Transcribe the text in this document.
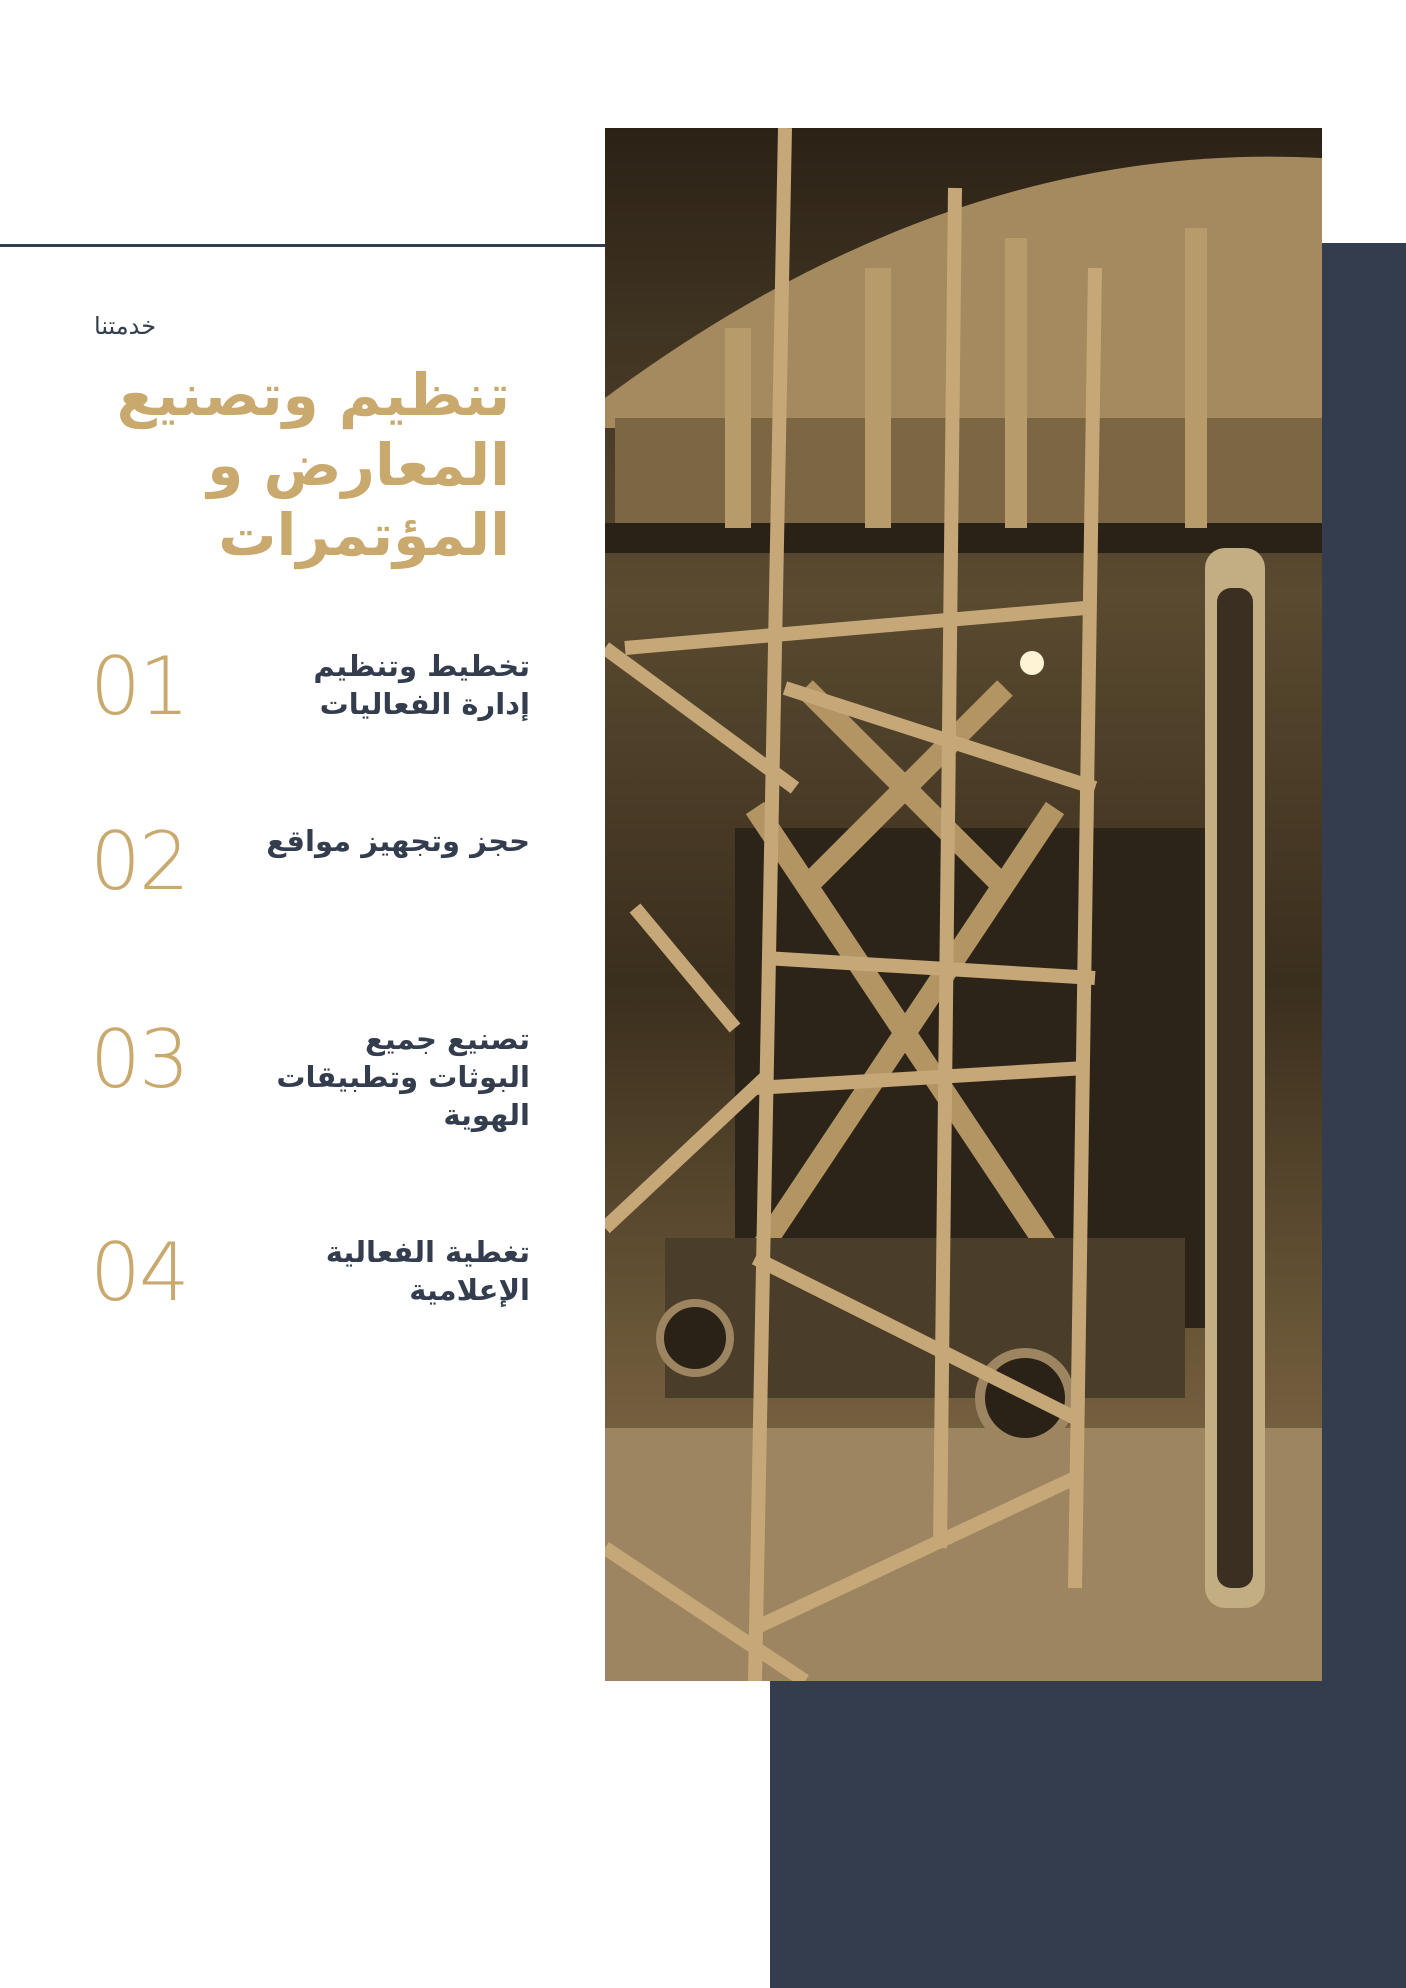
خدمتنا
تنظيم وتصنيع
المعارض و
المؤتمرات
01	تخطيط وتنظيم
إدارة الفعاليات
02	حجز وتجهيز مواقع
03	تصنيع جميع
البوثات وتطبيقات
الهوية
04	تغطية الفعالية
الإعلامية
